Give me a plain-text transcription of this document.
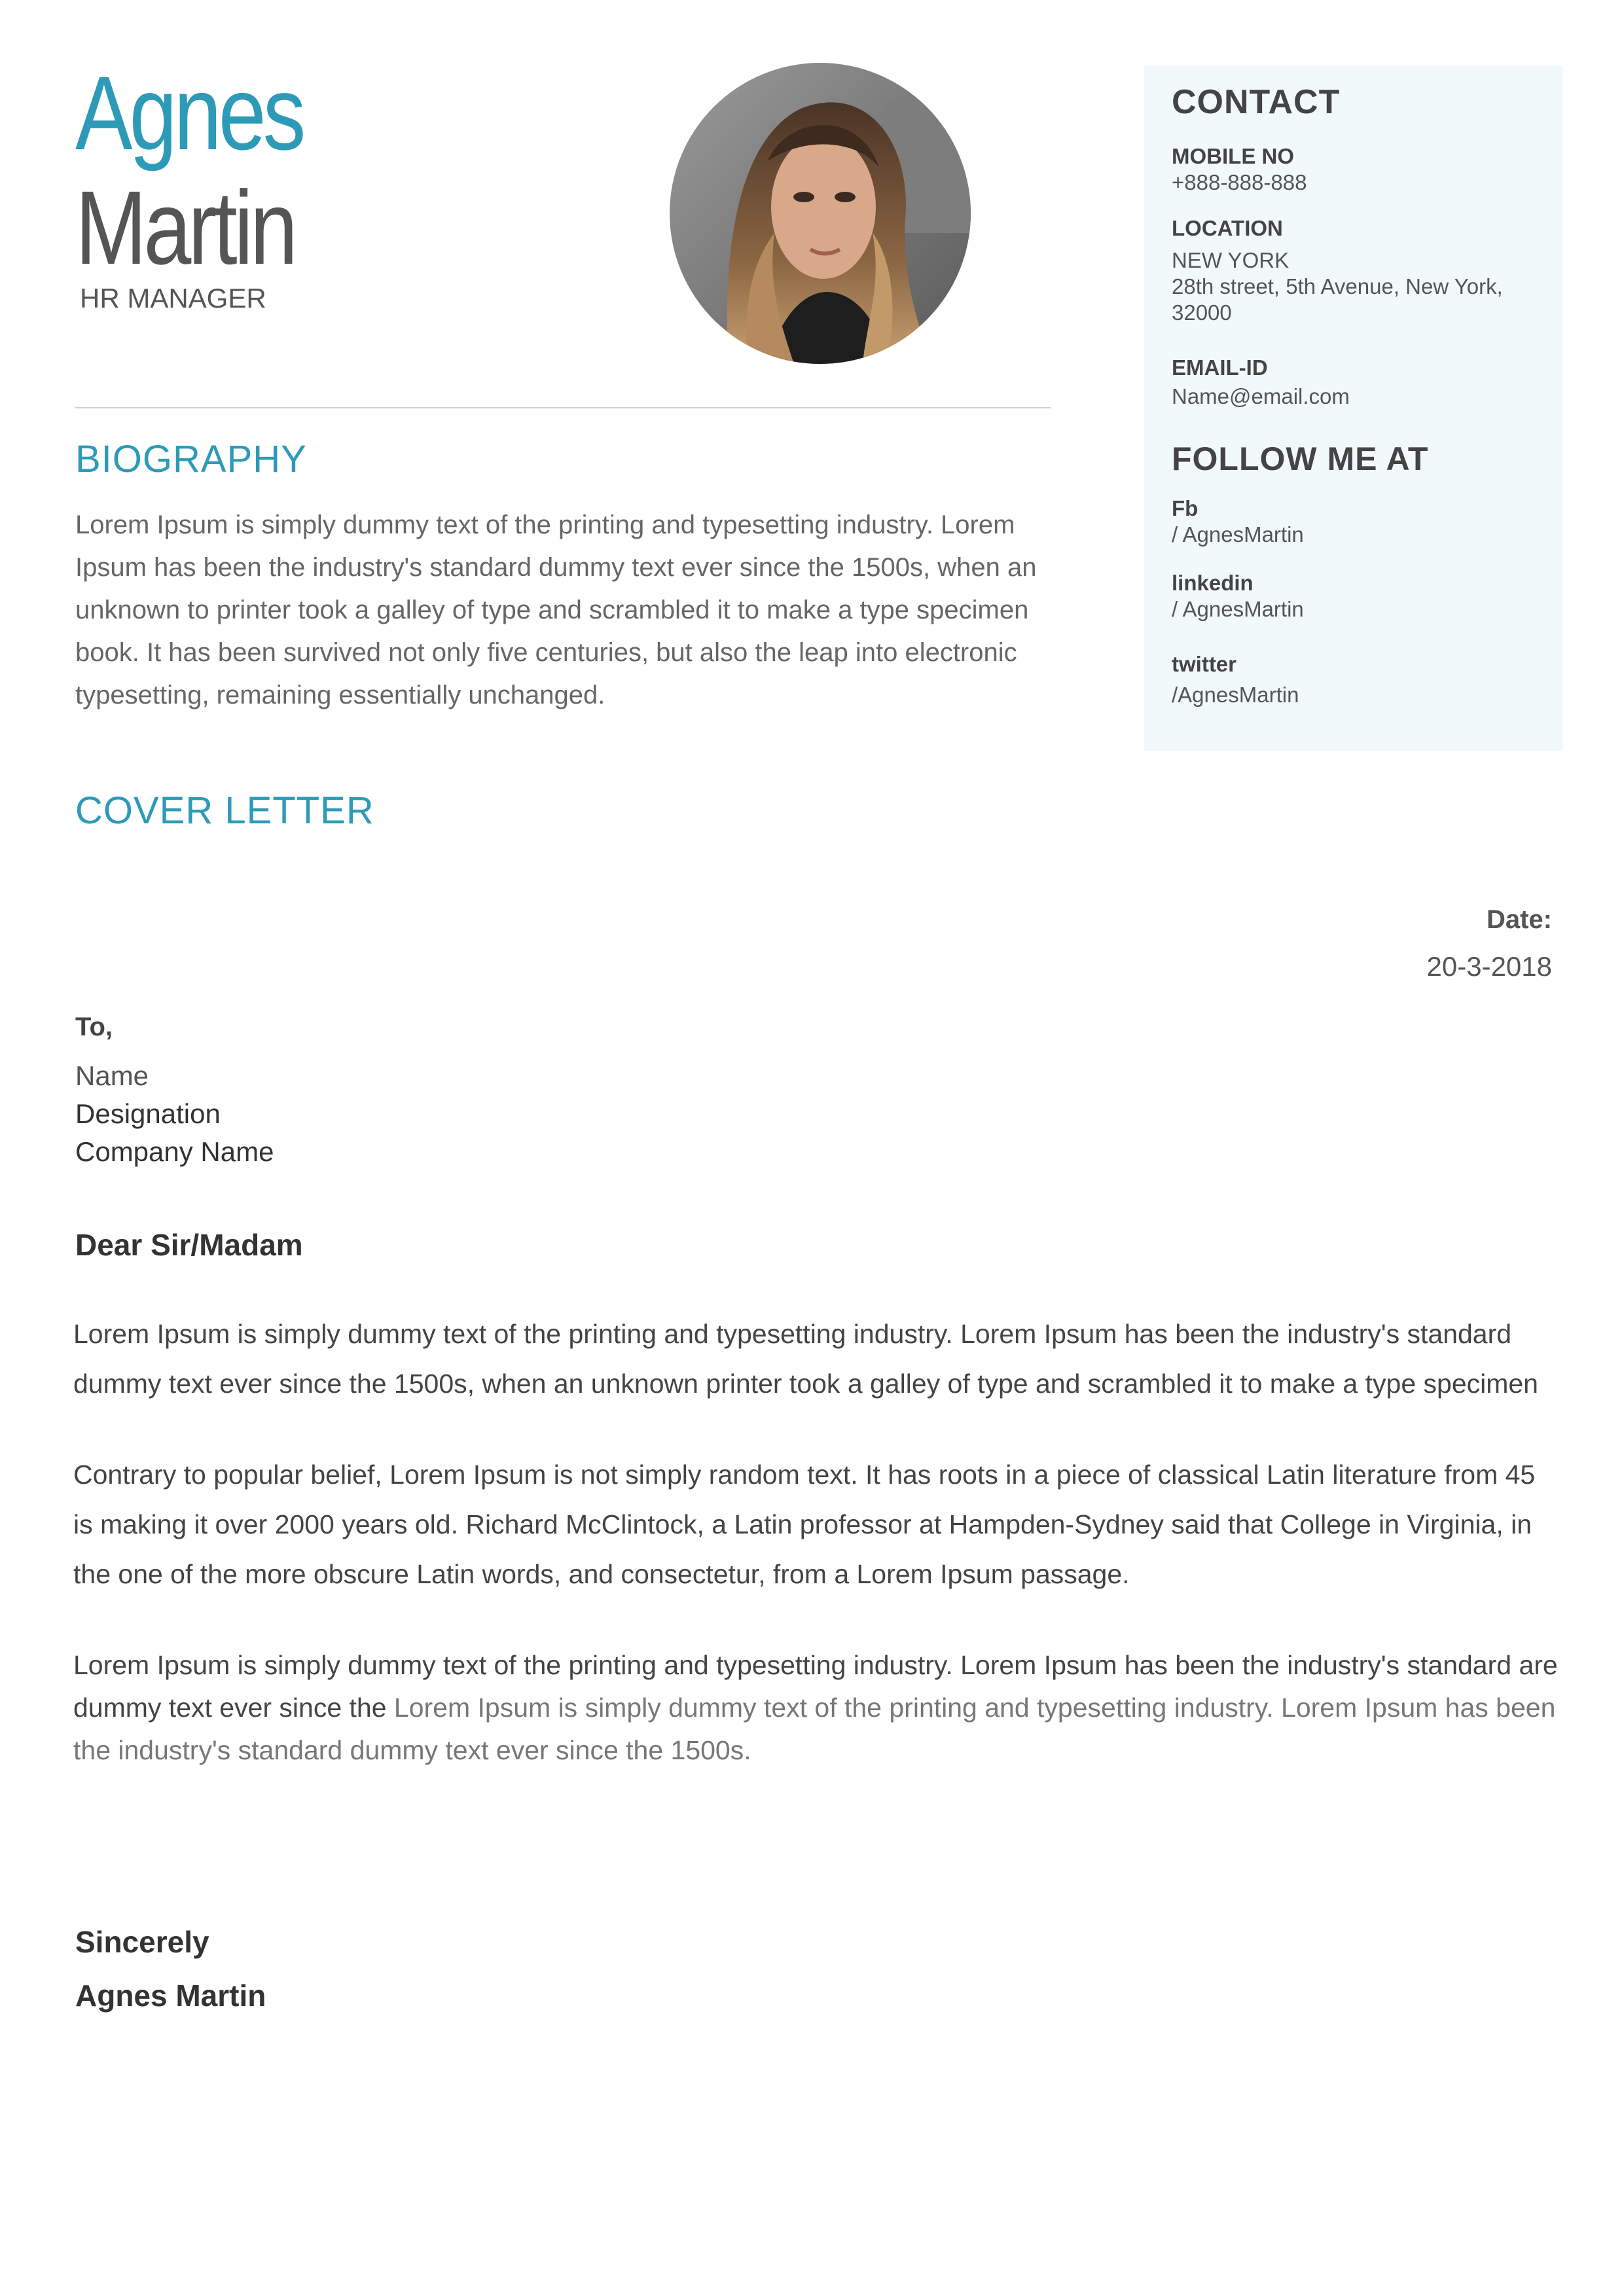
Agnes
Martin
HR MANAGER
BIOGRAPHY
Lorem Ipsum is simply dummy text of the printing and typesetting industry. Lorem Ipsum has been the industry's standard dummy text ever since the 1500s, when an unknown to printer took a galley of type and scrambled it to make a type specimen book. It has been survived not only five centuries, but also the leap into electronic typesetting, remaining essentially unchanged.
CONTACT
MOBILE NO
+888-888-888
LOCATION
NEW YORK
28th street, 5th Avenue, New York, 32000
EMAIL-ID
Name@email.com
FOLLOW ME AT
Fb
/ AgnesMartin
linkedin
/ AgnesMartin
twitter
/AgnesMartin
COVER LETTER
Date:
20-3-2018
To,
Name
Designation
Company Name
Dear Sir/Madam
Lorem Ipsum is simply dummy text of the printing and typesetting industry. Lorem Ipsum has been the industry's standard dummy text ever since the 1500s, when an unknown printer took a galley of type and scrambled it to make a type specimen
Contrary to popular belief, Lorem Ipsum is not simply random text. It has roots in a piece of classical Latin literature from 45 is making it over 2000 years old. Richard McClintock, a Latin professor at Hampden-Sydney said that College in Virginia, in the one of the more obscure Latin words, and consectetur, from a Lorem Ipsum passage.
Lorem Ipsum is simply dummy text of the printing and typesetting industry. Lorem Ipsum has been the industry's standard are dummy text ever since the Lorem Ipsum is simply dummy text of the printing and typesetting industry. Lorem Ipsum has been the industry's standard dummy text ever since the 1500s.
Sincerely
Agnes Martin
